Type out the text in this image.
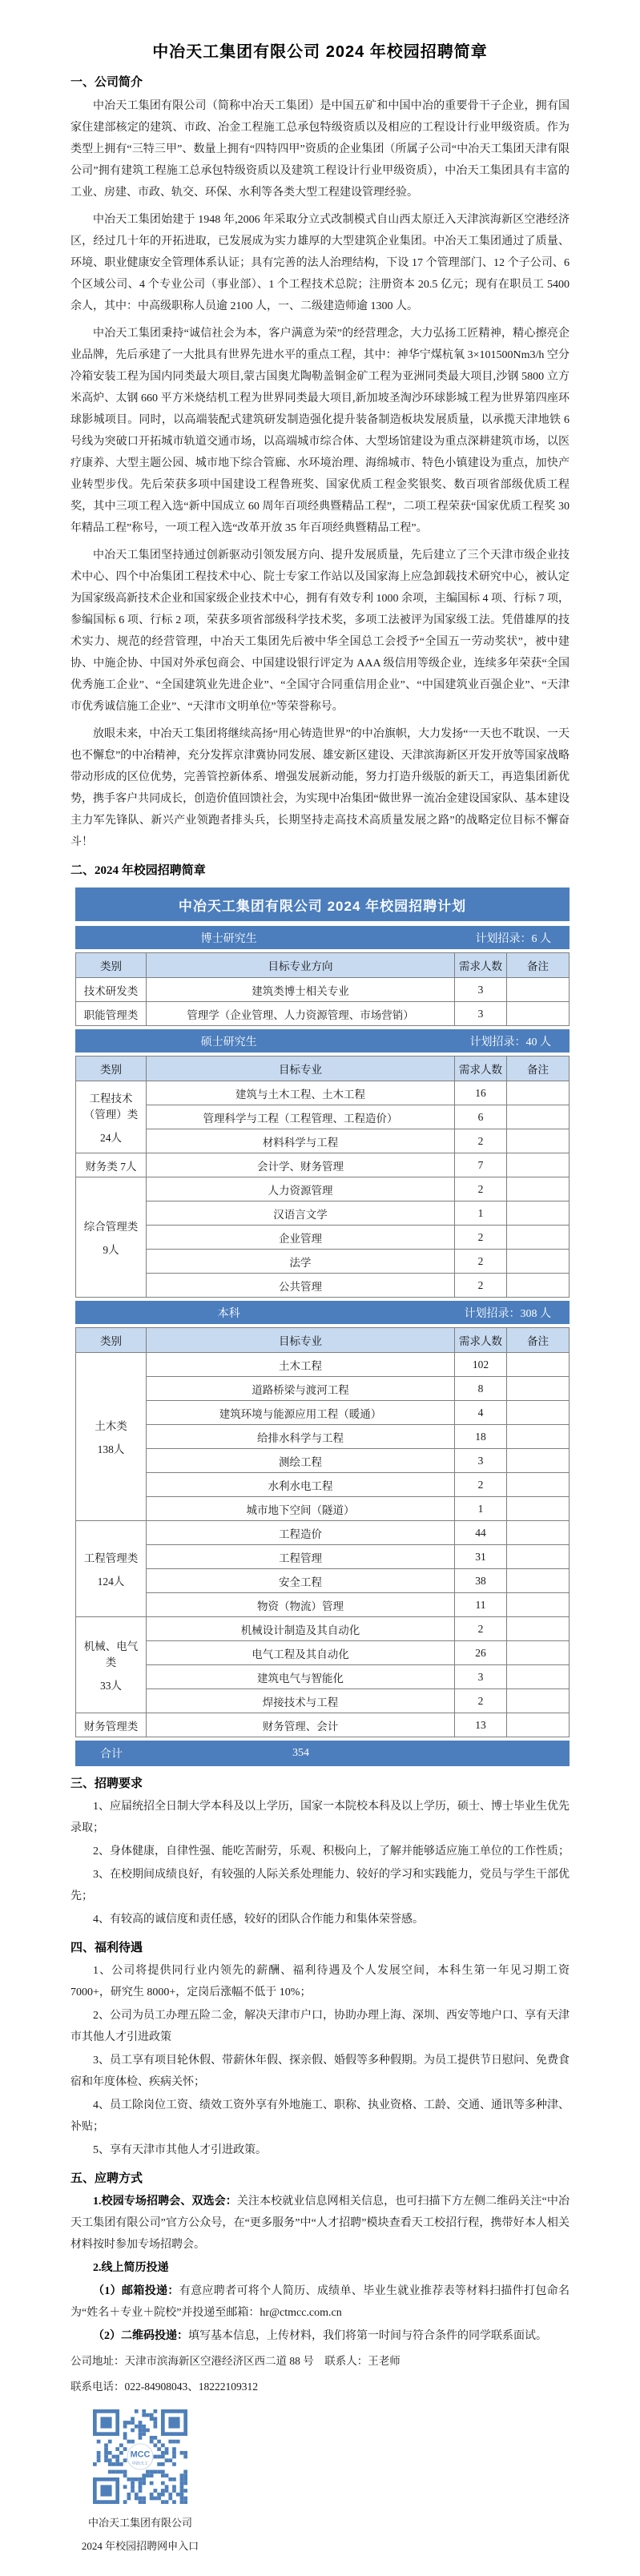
中冶天工集团有限公司 2024 年校园招聘简章
一、公司简介

中冶天工集团有限公司（简称中冶天工集团）是中国五矿和中国中冶的重要骨干子企业，拥有国家住建部核定的建筑、市政、冶金工程施工总承包特级资质以及相应的工程设计行业甲级资质。作为类型上拥有“三特三甲”、数量上拥有“四特四甲”资质的企业集团（所属子公司“中冶天工集团天津有限公司”拥有建筑工程施工总承包特级资质以及建筑工程设计行业甲级资质），中冶天工集团具有丰富的工业、房建、市政、轨交、环保、水利等各类大型工程建设管理经验。

中冶天工集团始建于 1948 年,2006 年采取分立式改制模式自山西太原迁入天津滨海新区空港经济区，经过几十年的开拓进取，已发展成为实力雄厚的大型建筑企业集团。中冶天工集团通过了质量、环境、职业健康安全管理体系认证；具有完善的法人治理结构，下设 17 个管理部门、12 个子公司、6 个区域公司、4 个专业公司（事业部）、1 个工程技术总院；注册资本 20.5 亿元；现有在职员工 5400 余人，其中：中高级职称人员逾 2100 人，一、二级建造师逾 1300 人。

中冶天工集团秉持“诚信社会为本，客户满意为荣”的经营理念，大力弘扬工匠精神，精心擦亮企业品牌，先后承建了一大批具有世界先进水平的重点工程，其中：神华宁煤杭氧 3×101500Nm3/h 空分冷箱安装工程为国内同类最大项目,蒙古国奥尤陶勒盖铜金矿工程为亚洲同类最大项目,沙钢 5800 立方米高炉、太钢 660 平方米烧结机工程为世界同类最大项目,新加坡圣淘沙环球影城工程为世界第四座环球影城项目。同时，以高端装配式建筑研发制造强化提升装备制造板块发展质量，以承揽天津地铁 6 号线为突破口开拓城市轨道交通市场，以高端城市综合体、大型场馆建设为重点深耕建筑市场，以医疗康养、大型主题公园、城市地下综合管廊、水环境治理、海绵城市、特色小镇建设为重点，加快产业转型步伐。先后荣获多项中国建设工程鲁班奖、国家优质工程金奖银奖、数百项省部级优质工程奖，其中三项工程入选“新中国成立 60 周年百项经典暨精品工程”，二项工程荣获“国家优质工程奖 30 年精品工程”称号，一项工程入选“改革开放 35 年百项经典暨精品工程”。

中冶天工集团坚持通过创新驱动引领发展方向、提升发展质量，先后建立了三个天津市级企业技术中心、四个中冶集团工程技术中心、院士专家工作站以及国家海上应急卸载技术研究中心，被认定为国家级高新技术企业和国家级企业技术中心，拥有有效专利 1000 余项，主编国标 4 项、行标 7 项，参编国标 6 项、行标 2 项，荣获多项省部级科学技术奖，多项工法被评为国家级工法。凭借雄厚的技术实力、规范的经营管理，中冶天工集团先后被中华全国总工会授予“全国五一劳动奖状”，被中建协、中施企协、中国对外承包商会、中国建设银行评定为 AAA 级信用等级企业，连续多年荣获“全国优秀施工企业”、“全国建筑业先进企业”、“全国守合同重信用企业”、“中国建筑业百强企业”、“天津市优秀诚信施工企业”、“天津市文明单位”等荣誉称号。

放眼未来，中冶天工集团将继续高扬“用心铸造世界”的中冶旗帜，大力发扬“一天也不耽误、一天也不懈怠”的中冶精神，充分发挥京津冀协同发展、雄安新区建设、天津滨海新区开发开放等国家战略带动形成的区位优势，完善管控新体系、增强发展新动能，努力打造升级版的新天工，再造集团新优势，携手客户共同成长，创造价值回馈社会，为实现中冶集团“做世界一流冶金建设国家队、基本建设主力军先锋队、新兴产业领跑者排头兵，长期坚持走高技术高质量发展之路”的战略定位目标不懈奋斗！

二、2024 年校园招聘简章
中冶天工集团有限公司 2024 年校园招聘计划			

博士研究生 计划招录：6 人			

类别	目标专业方向	需求人数	备注

技术研发类	建筑类博士相关专业	3	

职能管理类	管理学（企业管理、人力资源管理、市场营销）	3	

硕士研究生 计划招录：40 人			

类别	目标专业	需求人数	备注

工程技术（管理）类
24人	建筑与土木工程、土木工程	16	
	管理科学与工程（工程管理、工程造价）	6	
	材料科学与工程	2	

财务类 7人	会计学、财务管理	7	

综合管理类
9人	人力资源管理	2	
	汉语言文学	1	
	企业管理	2	
	法学	2	
	公共管理	2	

本科 计划招录：308 人			

类别	目标专业	需求人数	备注

土木类
138人	土木工程	102	
	道路桥梁与渡河工程	8	
	建筑环境与能源应用工程（暖通）	4	
	给排水科学与工程	18	
	测绘工程	3	
	水利水电工程	2	
	城市地下空间（隧道）	1	

工程管理类
124人	工程造价	44	
	工程管理	31	
	安全工程	38	
	物资（物流）管理	11	

机械、电气类
33人	机械设计制造及其自动化	2	
	电气工程及其自动化	26	
	建筑电气与智能化	3	
	焊接技术与工程	2	

财务管理类	财务管理、会计	13	

合计 354			
三、招聘要求

1、应届统招全日制大学本科及以上学历，国家一本院校本科及以上学历，硕士、博士毕业生优先录取；

2、身体健康，自律性强、能吃苦耐劳，乐观、积极向上，了解并能够适应施工单位的工作性质；

3、在校期间成绩良好，有较强的人际关系处理能力、较好的学习和实践能力，党员与学生干部优先；

4、有较高的诚信度和责任感，较好的团队合作能力和集体荣誉感。

四、福利待遇

1、公司将提供同行业内领先的薪酬、福利待遇及个人发展空间，本科生第一年见习期工资 7000+，研究生 8000+，定岗后涨幅不低于 10%；

2、公司为员工办理五险二金，解决天津市户口，协助办理上海、深圳、西安等地户口、享有天津市其他人才引进政策

3、员工享有项目轮休假、带薪休年假、探亲假、婚假等多种假期。为员工提供节日慰问、免费食宿和年度体检、疾病关怀；

4、员工除岗位工资、绩效工资外享有外地施工、职称、执业资格、工龄、交通、通讯等多种津、补贴；

5、享有天津市其他人才引进政策。

五、应聘方式

1.校园专场招聘会、双选会：关注本校就业信息网相关信息，也可扫描下方左侧二维码关注“中冶天工集团有限公司”官方公众号，在“更多服务”中“人才招聘”模块查看天工校招行程，携带好本人相关材料按时参加专场招聘会。

2.线上简历投递

（1）邮箱投递：有意应聘者可将个人简历、成绩单、毕业生就业推荐表等材料扫描件打包命名为“姓名＋专业＋院校”并投递至邮箱：hr@ctmcc.com.cn

（2）二维码投递：填写基本信息，上传材料，我们将第一时间与符合条件的同学联系面试。

公司地址：天津市滨海新区空港经济区西二道 88 号　联系人：王老师

联系电话：022-84908043、18222109312

MCC
中冶天工

中冶天工集团有限公司

2024 年校园招聘网申入口
